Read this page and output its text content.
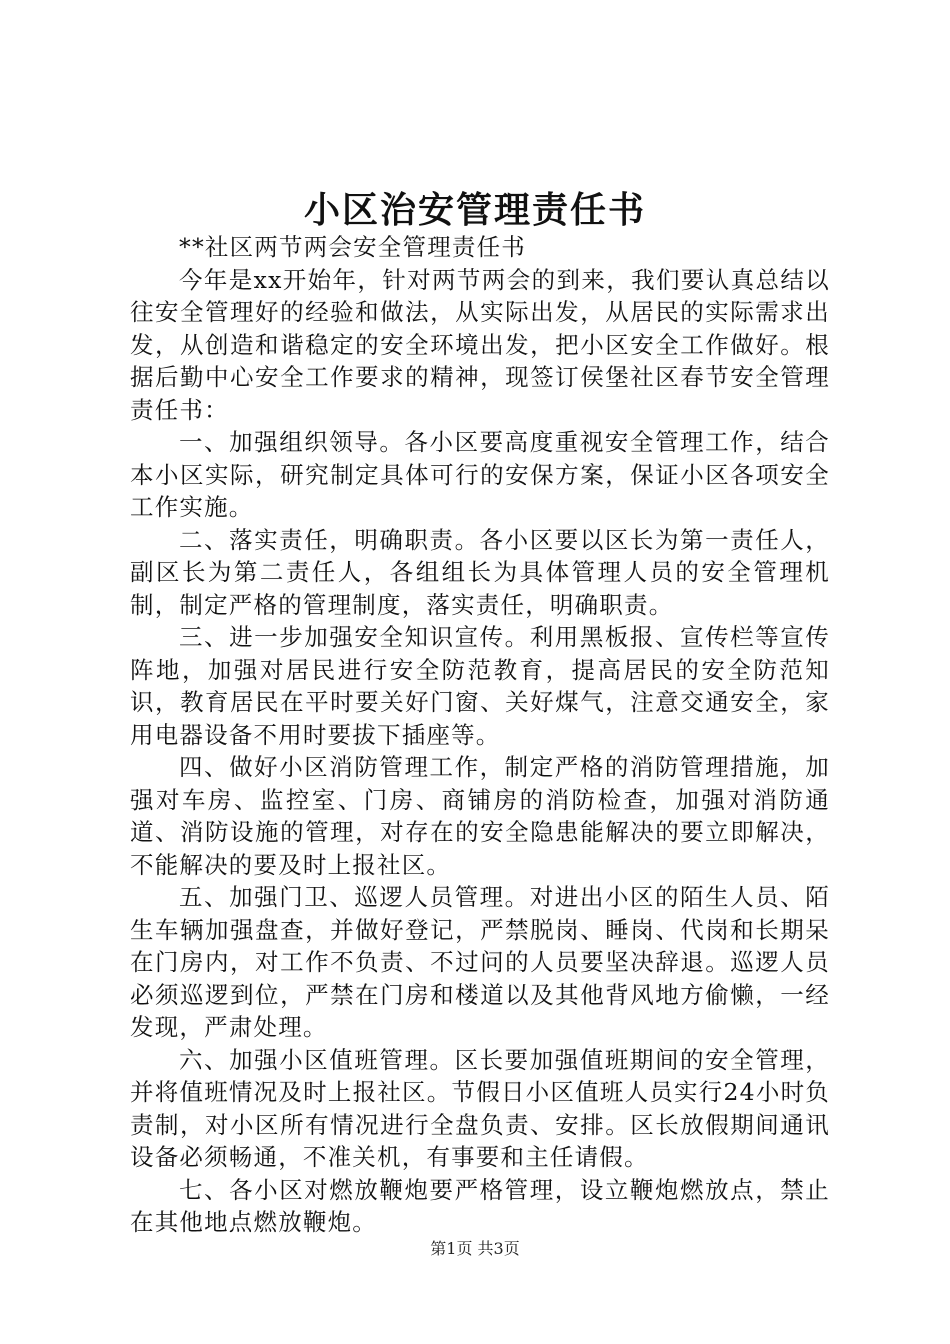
小区治安管理责任书

**社区两节两会安全管理责任书

今年是xx开始年，针对两节两会的到来，我们要认真总结以往安全管理好的经验和做法，从实际出发，从居民的实际需求出发，从创造和谐稳定的安全环境出发，把小区安全工作做好。根据后勤中心安全工作要求的精神，现签订侯堡社区春节安全管理责任书：

一、加强组织领导。各小区要高度重视安全管理工作，结合本小区实际，研究制定具体可行的安保方案，保证小区各项安全工作实施。

二、落实责任，明确职责。各小区要以区长为第一责任人，副区长为第二责任人，各组组长为具体管理人员的安全管理机制，制定严格的管理制度，落实责任，明确职责。

三、进一步加强安全知识宣传。利用黑板报、宣传栏等宣传阵地，加强对居民进行安全防范教育，提高居民的安全防范知识，教育居民在平时要关好门窗、关好煤气，注意交通安全，家用电器设备不用时要拔下插座等。

四、做好小区消防管理工作，制定严格的消防管理措施，加强对车房、监控室、门房、商铺房的消防检查，加强对消防通道、消防设施的管理，对存在的安全隐患能解决的要立即解决，不能解决的要及时上报社区。

五、加强门卫、巡逻人员管理。对进出小区的陌生人员、陌生车辆加强盘查，并做好登记，严禁脱岗、睡岗、代岗和长期呆在门房内，对工作不负责、不过问的人员要坚决辞退。巡逻人员必须巡逻到位，严禁在门房和楼道以及其他背风地方偷懒，一经发现，严肃处理。

六、加强小区值班管理。区长要加强值班期间的安全管理，并将值班情况及时上报社区。节假日小区值班人员实行24小时负责制，对小区所有情况进行全盘负责、安排。区长放假期间通讯设备必须畅通，不准关机，有事要和主任请假。

七、各小区对燃放鞭炮要严格管理，设立鞭炮燃放点，禁止在其他地点燃放鞭炮。

第1页 共3页
